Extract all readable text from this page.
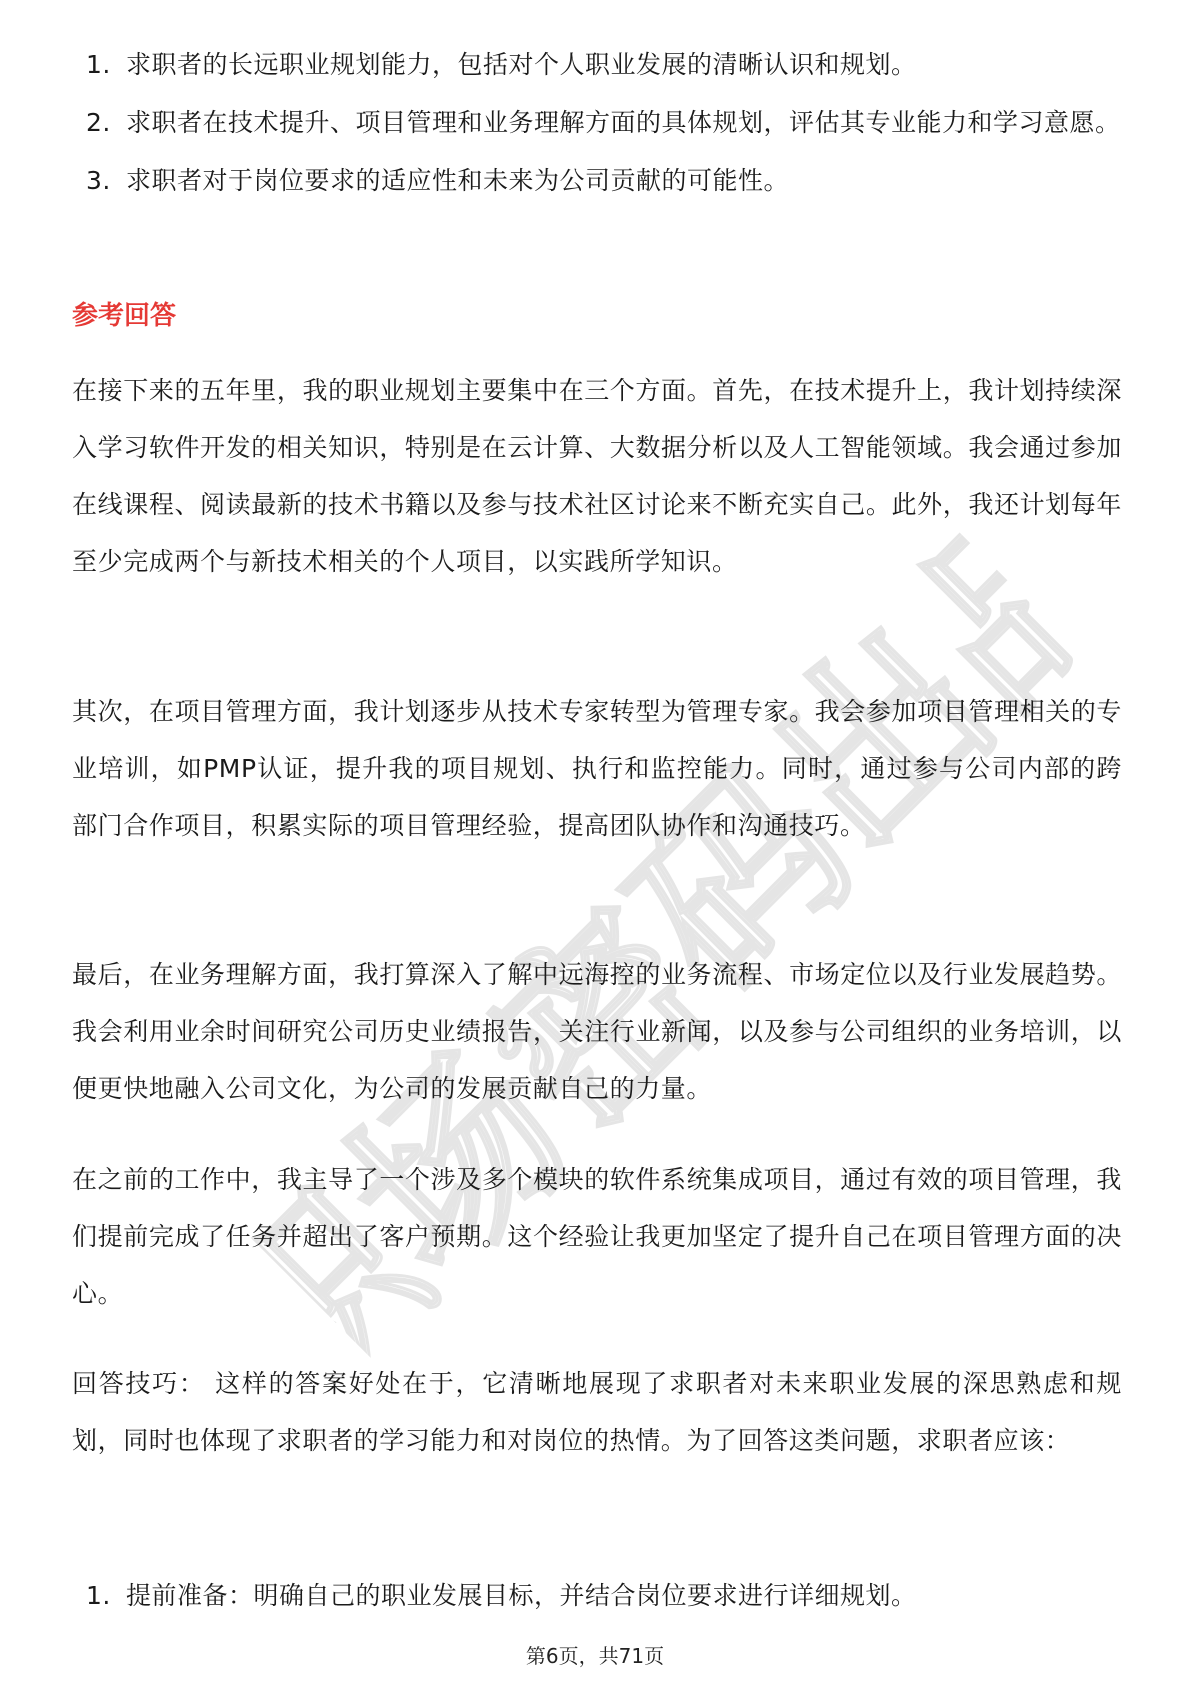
职场密码出品
1. 求职者的长远职业规划能力，包括对个人职业发展的清晰认识和规划。
2. 求职者在技术提升、项目管理和业务理解方面的具体规划，评估其专业能力和学习意愿。
3. 求职者对于岗位要求的适应性和未来为公司贡献的可能性。
参考回答

在接下来的五年里，我的职业规划主要集中在三个方面。首先，在技术提升上，我计划持续深入学习软件开发的相关知识，特别是在云计算、大数据分析以及人工智能领域。我会通过参加在线课程、阅读最新的技术书籍以及参与技术社区讨论来不断充实自己。此外，我还计划每年至少完成两个与新技术相关的个人项目，以实践所学知识。

其次，在项目管理方面，我计划逐步从技术专家转型为管理专家。我会参加项目管理相关的专业培训，如PMP认证，提升我的项目规划、执行和监控能力。同时，通过参与公司内部的跨部门合作项目，积累实际的项目管理经验，提高团队协作和沟通技巧。

最后，在业务理解方面，我打算深入了解中远海控的业务流程、市场定位以及行业发展趋势。我会利用业余时间研究公司历史业绩报告，关注行业新闻，以及参与公司组织的业务培训，以便更快地融入公司文化，为公司的发展贡献自己的力量。

在之前的工作中，我主导了一个涉及多个模块的软件系统集成项目，通过有效的项目管理，我们提前完成了任务并超出了客户预期。这个经验让我更加坚定了提升自己在项目管理方面的决心。

回答技巧： 这样的答案好处在于，它清晰地展现了求职者对未来职业发展的深思熟虑和规划，同时也体现了求职者的学习能力和对岗位的热情。为了回答这类问题，求职者应该：

1. 提前准备：明确自己的职业发展目标，并结合岗位要求进行详细规划。
第6页，共71页
